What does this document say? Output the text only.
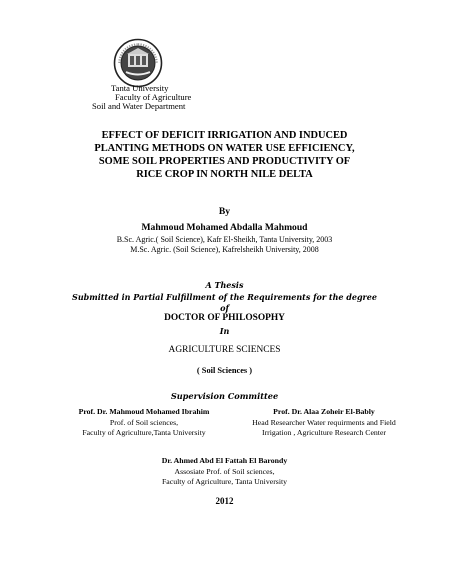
Tanta University
Faculty of Agriculture
Soil and Water Department
EFFECT OF DEFICIT IRRIGATION AND INDUCED
PLANTING METHODS ON WATER USE EFFICIENCY,
SOME SOIL PROPERTIES AND PRODUCTIVITY OF
RICE CROP IN NORTH NILE DELTA
By
Mahmoud Mohamed Abdalla Mahmoud
B.Sc. Agric.( Soil Science), Kafr El-Sheikh, Tanta University, 2003
M.Sc. Agric. (Soil Science), Kafrelsheikh University, 2008
A Thesis
Submitted in Partial Fulfillment of the Requirements for the degree
of
DOCTOR OF PHILOSOPHY
In
AGRICULTURE SCIENCES
( Soil Sciences )
Supervision Committee
Prof. Dr. Mahmoud Mohamed Ibrahim
Prof. of Soil sciences,
Faculty of Agriculture,Tanta University
Prof. Dr. Alaa Zoheir El-Bably
Head Researcher Water requirments and Field
Irrigation , Agriculture Research Center
Dr. Ahmed Abd El Fattah El Barondy
Assosiate Prof. of Soil sciences,
Faculty of Agriculture, Tanta University
2012
